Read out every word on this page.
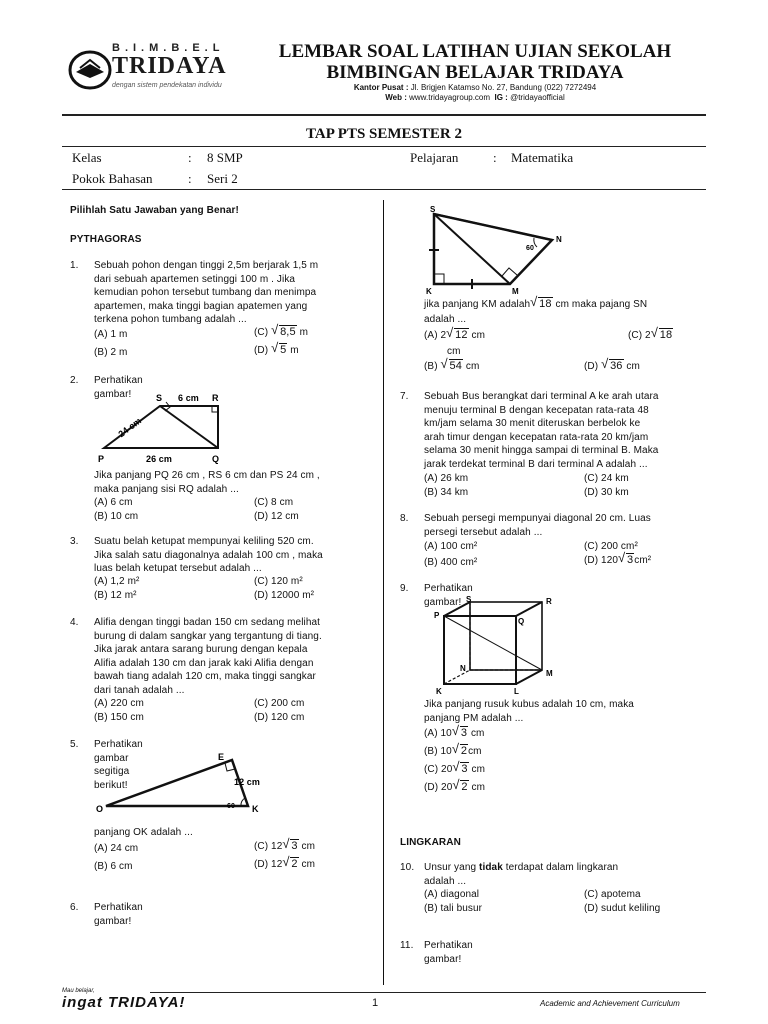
B.I.M.B.E.L
TRIDAYA
dengan sistem pendekatan individu
LEMBAR SOAL LATIHAN UJIAN SEKOLAH
BIMBINGAN BELAJAR TRIDAYA
Kantor Pusat : Jl. Brigjen Katamso No. 27, Bandung (022) 7272494
Web : www.tridayagroup.com IG : @tridayaofficial
TAP PTS SEMESTER 2
Kelas	: 8 SMP	Pelajaran	: Matematika
Pokok Bahasan	: Seri 2
Pilihlah Satu Jawaban yang Benar!
PYTHAGORAS
1. Sebuah pohon dengan tinggi 2,5m berjarak 1,5 m
dari sebuah apartemen setinggi 100 m . Jika
kemudian pohon tersebut tumbang dan menimpa
apartemen, maka tinggi bagian apatemen yang
terkena pohon tumbang adalah ...
(A) 1 m	(C) √ 8,5 m
(B) 2 m	(D) √ 5 m
2. Perhatikan gambar!	S 6 cm R
P	26 cm	Q
24 cm
Jika panjang PQ 26 cm , RS 6 cm dan PS 24 cm ,
maka panjang sisi RQ adalah ...
(A) 6 cm	(C) 8 cm
(B) 10 cm	(D) 12 cm
3. Suatu belah ketupat mempunyai keliling 520 cm.
Jika salah satu diagonalnya adalah 100 cm , maka
luas belah ketupat tersebut adalah ...
(A) 1,2 m²	(C) 120 m²
(B) 12 m²	(D) 12000 m²
4. Alifia dengan tinggi badan 150 cm sedang melihat
burung di dalam sangkar yang tergantung di tiang.
Jika jarak antara sarang burung dengan kepala
Alifia adalah 130 cm dan jarak kaki Alifia dengan
bawah tiang adalah 120 cm, maka tinggi sangkar
dari tanah adalah ...
(A) 220 cm	(C) 200 cm
(B) 150 cm	(D) 120 cm
5. Perhatikan gambar segitiga berikut!
O
E
K
12 cm
60
panjang OK adalah ...
(A) 24 cm	(C) 12 √ 3 cm
(B) 6 cm	(D) 12 √ 2 cm
6. Perhatikan gambar!
S
N
K	M
60
jika panjang KM adalah √ 18 cm maka pajang SN
adalah ...
(A) 2 √ 12 cm	(C) 2 √ 18
cm
(B) √ 54 cm	(D) √ 36 cm
7. Sebuah Bus berangkat dari terminal A ke arah utara
menuju terminal B dengan kecepatan rata-rata 48
km/jam selama 30 menit diteruskan berbelok ke
arah timur dengan kecepatan rata-rata 20 km/jam
selama 30 menit hingga sampai di terminal B. Maka
jarak terdekat terminal B dari terminal A adalah ...
(A) 26 km	(C) 24 km
(B) 34 km	(D) 30 km
8. Sebuah persegi mempunyai diagonal 20 cm. Luas
persegi tersebut adalah ...
(A) 100 cm²	(C) 200 cm²
(B) 400 cm²	(D) 120 √ 3cm²
9. Perhatikan gambar!
P
S	R
Q
N
M
K	L
Jika panjang rusuk kubus adalah 10 cm, maka
panjang PM adalah ...
(A) 10 √ 3 cm
(B) 10 √ 2cm
(C) 20 √ 3 cm
(D) 20 √ 2 cm
LINGKARAN
10. Unsur yang tidak terdapat dalam lingkaran
adalah ...
(A) diagonal	(C) apotema
(B) tali busur	(D) sudut keliling
11. Perhatikan gambar!
Mau belajar,
ingat TRIDAYA!	1	Academic and Achievement Curriculum
